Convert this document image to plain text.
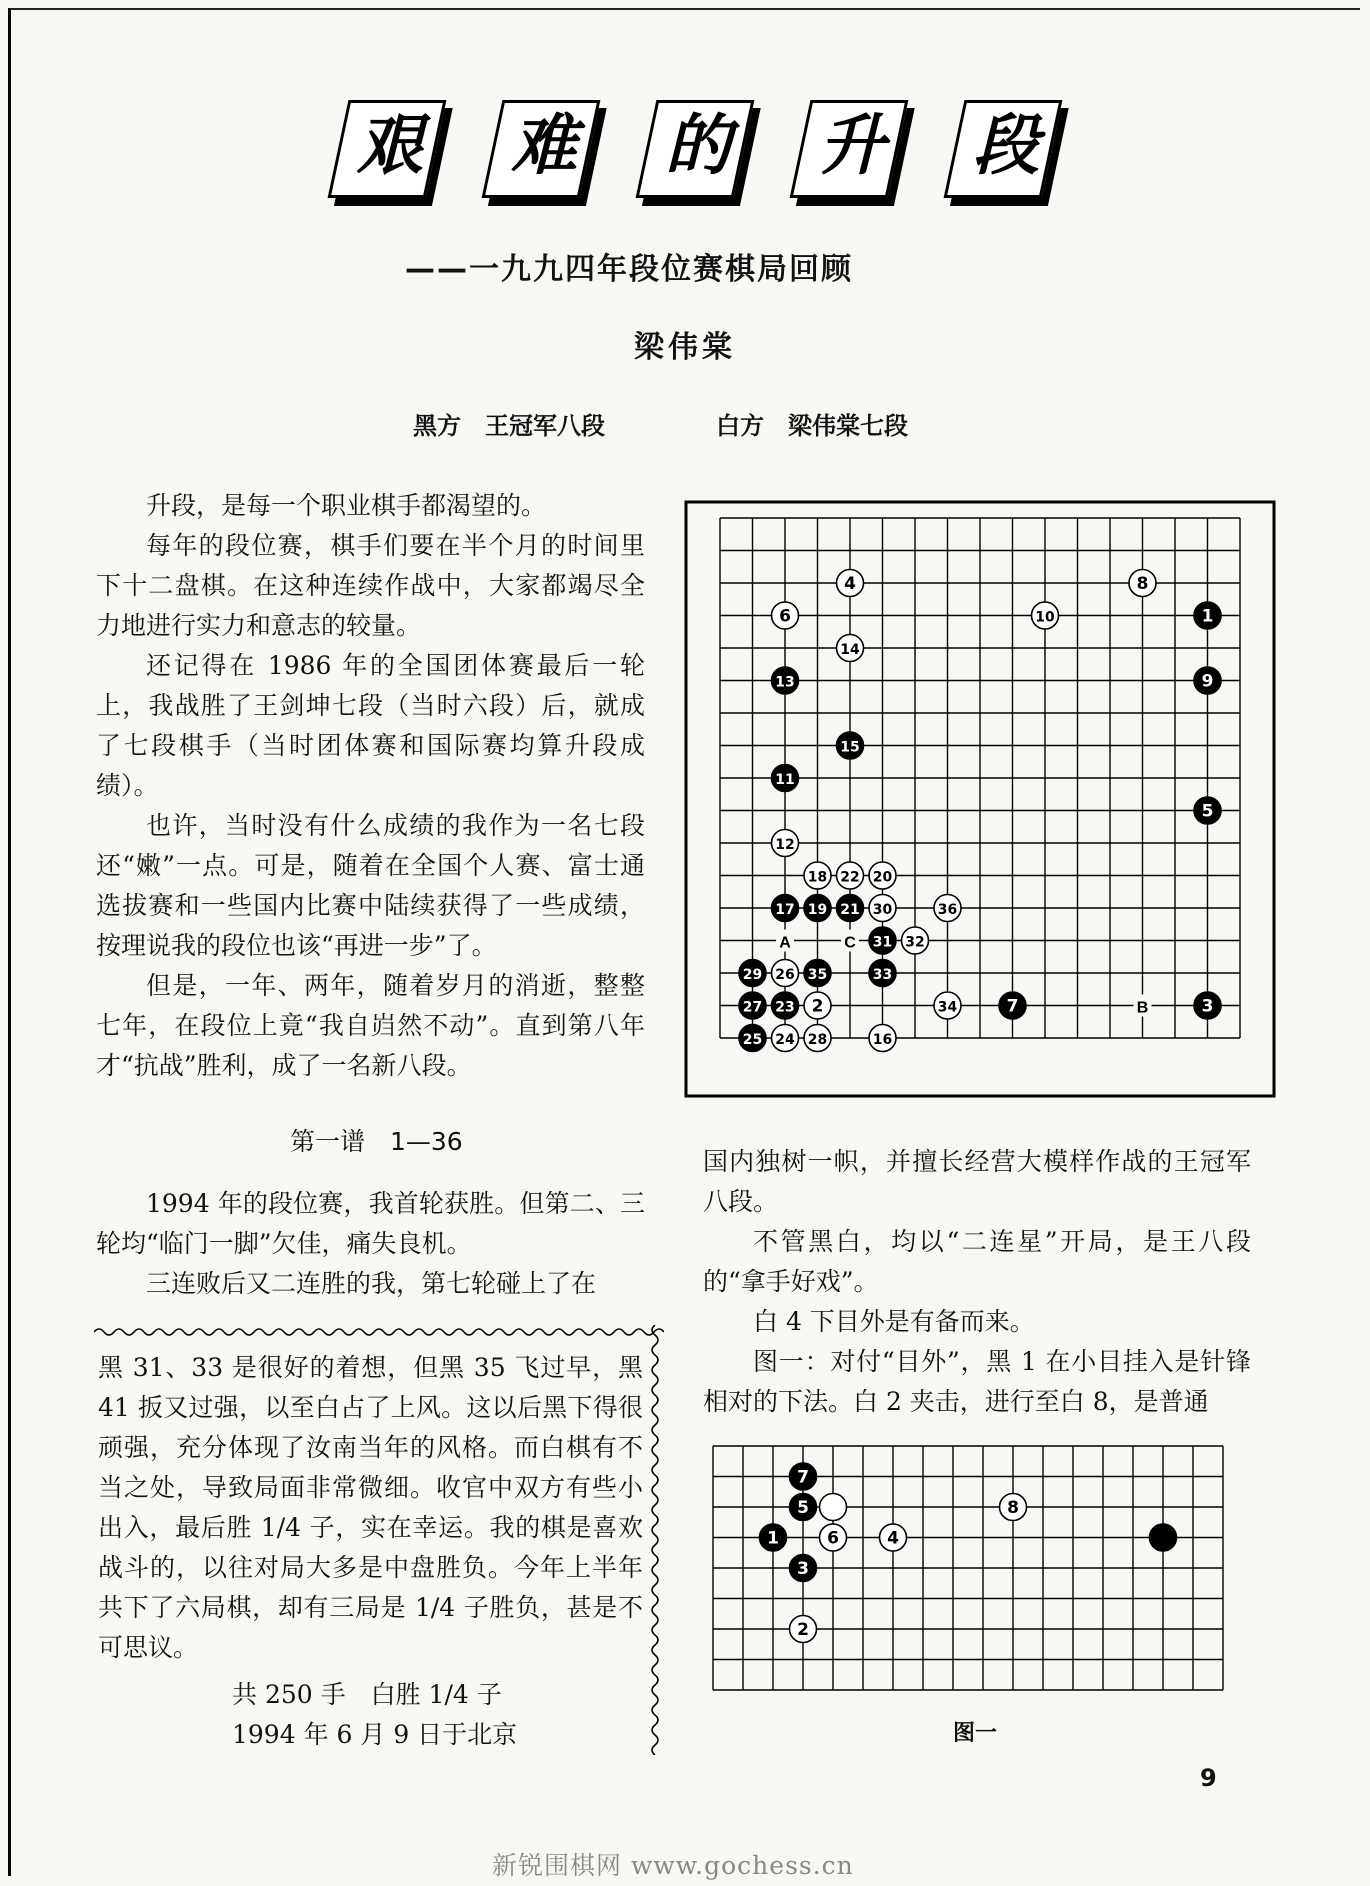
艰 难 的 升 段
——一九九四年段位赛棋局回顾
梁伟棠
黑方　王冠军八段	白方　梁伟棠七段

升段，是每一个职业棋手都渴望的。

每年的段位赛，棋手们要在半个月的时间里下十二盘棋。在这种连续作战中，大家都竭尽全力地进行实力和意志的较量。

还记得在 1986 年的全国团体赛最后一轮上，我战胜了王剑坤七段（当时六段）后，就成了七段棋手（当时团体赛和国际赛均算升段成绩）。

也许，当时没有什么成绩的我作为一名七段还“嫩”一点。可是，随着在全国个人赛、富士通选拔赛和一些国内比赛中陆续获得了一些成绩，按理说我的段位也该“再进一步”了。

但是，一年、两年，随着岁月的消逝，整整七年，在段位上竟“我自岿然不动”。直到第八年才“抗战”胜利，成了一名新八段。

第一谱　1—36

1994 年的段位赛，我首轮获胜。但第二、三轮均“临门一脚”欠佳，痛失良机。

三连败后又二连胜的我，第七轮碰上了在

黑 31、33 是很好的着想，但黑 35 飞过早，黑 41 扳又过强，以至白占了上风。这以后黑下得很顽强，充分体现了汝南当年的风格。而白棋有不当之处，导致局面非常微细。收官中双方有些小出入，最后胜 1/4 子，实在幸运。我的棋是喜欢战斗的，以往对局大多是中盘胜负。今年上半年共下了六局棋，却有三局是 1/4 子胜负，甚是不可思议。

共 250 手　白胜 1/4 子
1994 年 6 月 9 日于北京

国内独树一帜，并擅长经营大模样作战的王冠军八段。

不管黑白，均以“二连星”开局，是王八段的“拿手好戏”。

白 4 下目外是有备而来。

图一：对付“目外”，黑 1 在小目挂入是针锋相对的下法。白 2 夹击，进行至白 8，是普通

A	C
B
1
2	3
4
5
6
7
8
9
10
11
12
13
14
15
16
17
18
19
20
21
22
23
24
25
26
27
28
29
30
31 32
33
34
35
36
1
2
3
4
5
6
7
8
图一
9
新锐围棋网 www.gochess.cn
